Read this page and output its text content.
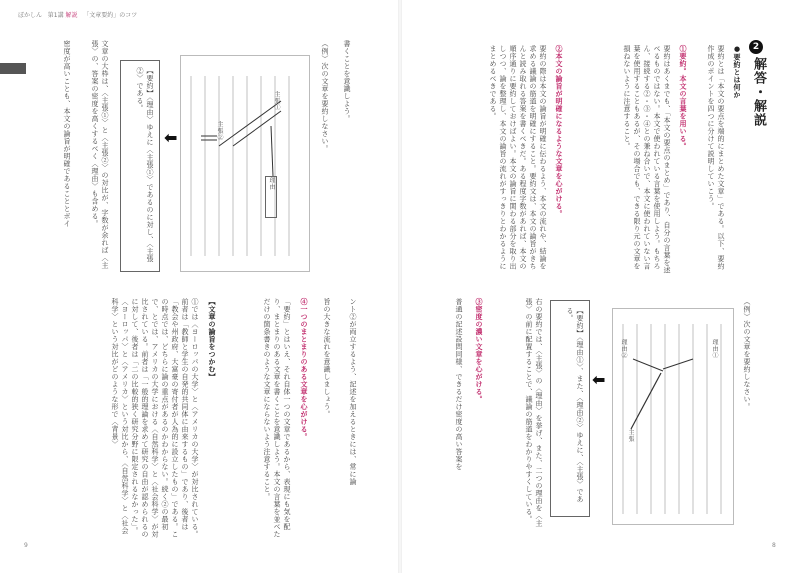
ぼかしん 第1講 解説 「文章要約」のコツ
ント②が両立するよう、記述を加えるときには、常に論
旨の大きな流れを意識しましょう。
④一つのまとまりのある文章を心がける。
「要約」とはいえ、それ自体一つの文章であるから、表現にも気を配り、まとまりのある文章を書くことを意識しよう。本文の言葉を並べただけの箇条書きのような文章にならないよう注意すること。
【文章の論旨をつかむ】
①では〈ヨーロッパの大学〉と〈アメリカの大学〉が対比されている。前者は「教師と学生の自発的共同体に由来するもの」であり、後者は「教会や州政府、大富豪の寄付者が人為的に設立したもの」である。この時点では、どちらに論の重点があるのかわからない。続く②の最初で、とでは、アメリカの大学における〈自然科学〉と〈社会科学〉が対比されている。前者は「一般的理論を求めて研究の自由が認められるのに対して、後者は「二の比較的狭く研究分野に限定されるなかった」。〈ヨーロッパ〉と〈アメリカ〉という対比から、〈自然科学〉と〈社会科学〉という対比がどのような形で〈背景〉
書くことを意識しよう。
（例）次の文章を要約しなさい。
主張①
主張②
理由
⬅
【要約】〈理由〉ゆえに〈主張①〉であるのに対し、〈主張②〉である。
文章の大枠は、〈主張①〉と〈主張②〉の対比が、字数が余れば〈主張〉の、答案の密度を高くするべく〈理由〉も含める。
密度が高いことも、本文の論旨が明確であることとボイ
9
2
解答・解説
●要約とは何か
要約とは「本文の要点を端的にまとめた文章」である。以下、要約作成のポイントを四つに分けて説明していこう。
①要約。本文の言葉を用いる。
要約はあくまでも、「本文の要点のまとめ」であり、自分の言葉を述べるものではない。本文で使われている言葉を使用しよう。もちろん、接続する②・③・④との兼ね合いで、本文に使われていない言葉を使用することもあるが、その場合でも、できる限り元の文章を損ねないように注意すること。
②本文の論旨が明確になるような文章を心がける。
要約の際は本文の論旨が明確に伝わるよう、本文の流れや、結論を求める議論の筋道を明確にすること。要約文は、本文の論旨がきちんと読み取れる答案を書くべきだ。ある程度字数があれば、本文の順序通りに要約しておけばよい。本文の論旨に関わる部分を取り出しつつ、論を整理し、本文の論旨の流れがすっきりとわかるようにまとめるべきである。
③密度の濃い文章を心がける。
普通の記述設問同様、できるだけ密度の高い答案を	（例）次の文章を要約しなさい。
理由①
理由②
主張
⬅
【要約】〈理由①〉、また、〈理由②〉ゆえに、〈主張〉である。
右の要約では、〈主張〉の〈理由〉を挙げ、また、二つの理由を〈主張〉の前に配置することで、議論の筋道をわかりやすくしている。
8
